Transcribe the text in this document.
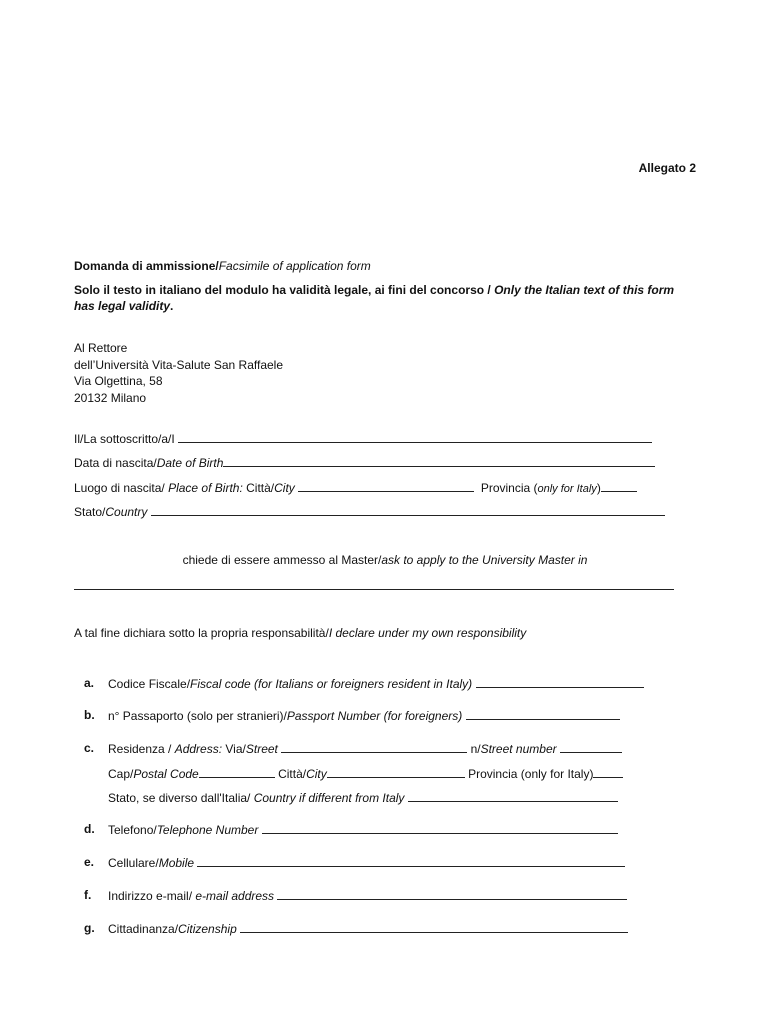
Allegato 2
Domanda di ammissione/Facsimile of application form
Solo il testo in italiano del modulo ha validità legale, ai fini del concorso / Only the Italian text of this form has legal validity.
Al Rettore
dell’Università Vita-Salute San Raffaele
Via Olgettina, 58
20132 Milano
Il/La sottoscritto/a/I
Data di nascita/Date of Birth
Luogo di nascita/ Place of Birth: Città/City	Provincia (only for Italy)
Stato/Country
chiede di essere ammesso al Master/ask to apply to the University Master in
A tal fine dichiara sotto la propria responsabilità/I declare under my own responsibility
a.	Codice Fiscale/Fiscal code (for Italians or foreigners resident in Italy)
b. n° Passaporto (solo per stranieri)/Passport Number (for foreigners)
c.	Residenza / Address: Via/Street	n/Street number
Cap/Postal Code	Città/City	Provincia (only for Italy)
Stato, se diverso dall'Italia/ Country if different from Italy
d. Telefono/Telephone Number
e.	Cellulare/Mobile
f.	Indirizzo e-mail/ e-mail address
g. Cittadinanza/Citizenship
